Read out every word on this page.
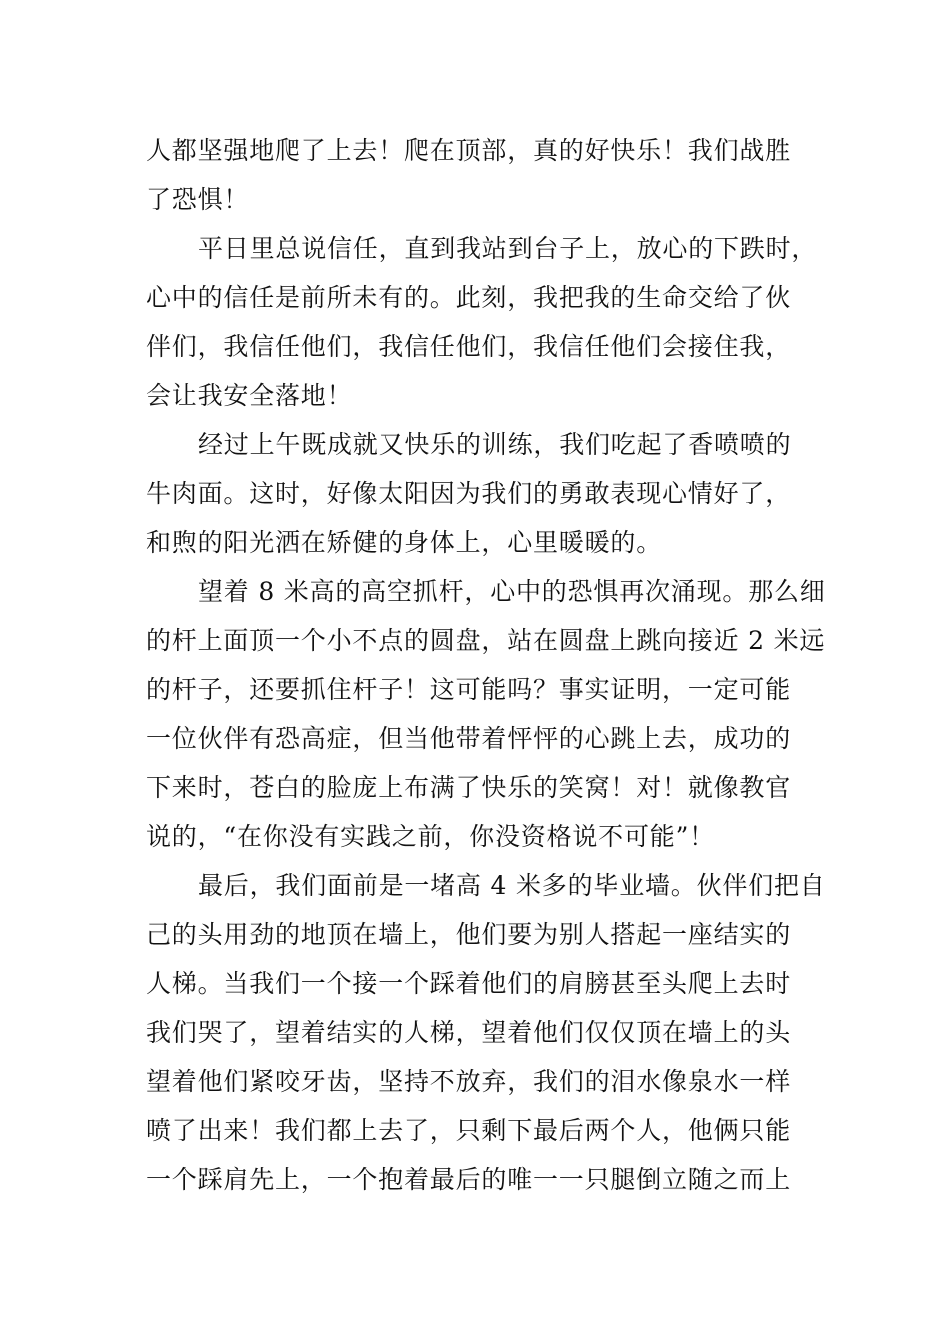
人都坚强地爬了上去！爬在顶部，真的好快乐！我们战胜
了恐惧！
平日里总说信任，直到我站到台子上，放心的下跌时，
心中的信任是前所未有的。此刻，我把我的生命交给了伙
伴们，我信任他们，我信任他们，我信任他们会接住我，
会让我安全落地！
经过上午既成就又快乐的训练，我们吃起了香喷喷的
牛肉面。这时，好像太阳因为我们的勇敢表现心情好了，
和煦的阳光洒在矫健的身体上，心里暖暖的。
望着 8 米高的高空抓杆，心中的恐惧再次涌现。那么细
的杆上面顶一个小不点的圆盘，站在圆盘上跳向接近 2 米远
的杆子，还要抓住杆子！这可能吗？事实证明，一定可能
一位伙伴有恐高症，但当他带着怦怦的心跳上去，成功的
下来时，苍白的脸庞上布满了快乐的笑窝！对！就像教官
说的，“在你没有实践之前，你没资格说不可能”！
最后，我们面前是一堵高 4 米多的毕业墙。伙伴们把自
己的头用劲的地顶在墙上，他们要为别人搭起一座结实的
人梯。当我们一个接一个踩着他们的肩膀甚至头爬上去时
我们哭了，望着结实的人梯，望着他们仅仅顶在墙上的头
望着他们紧咬牙齿，坚持不放弃，我们的泪水像泉水一样
喷了出来！我们都上去了，只剩下最后两个人，他俩只能
一个踩肩先上，一个抱着最后的唯一一只腿倒立随之而上
